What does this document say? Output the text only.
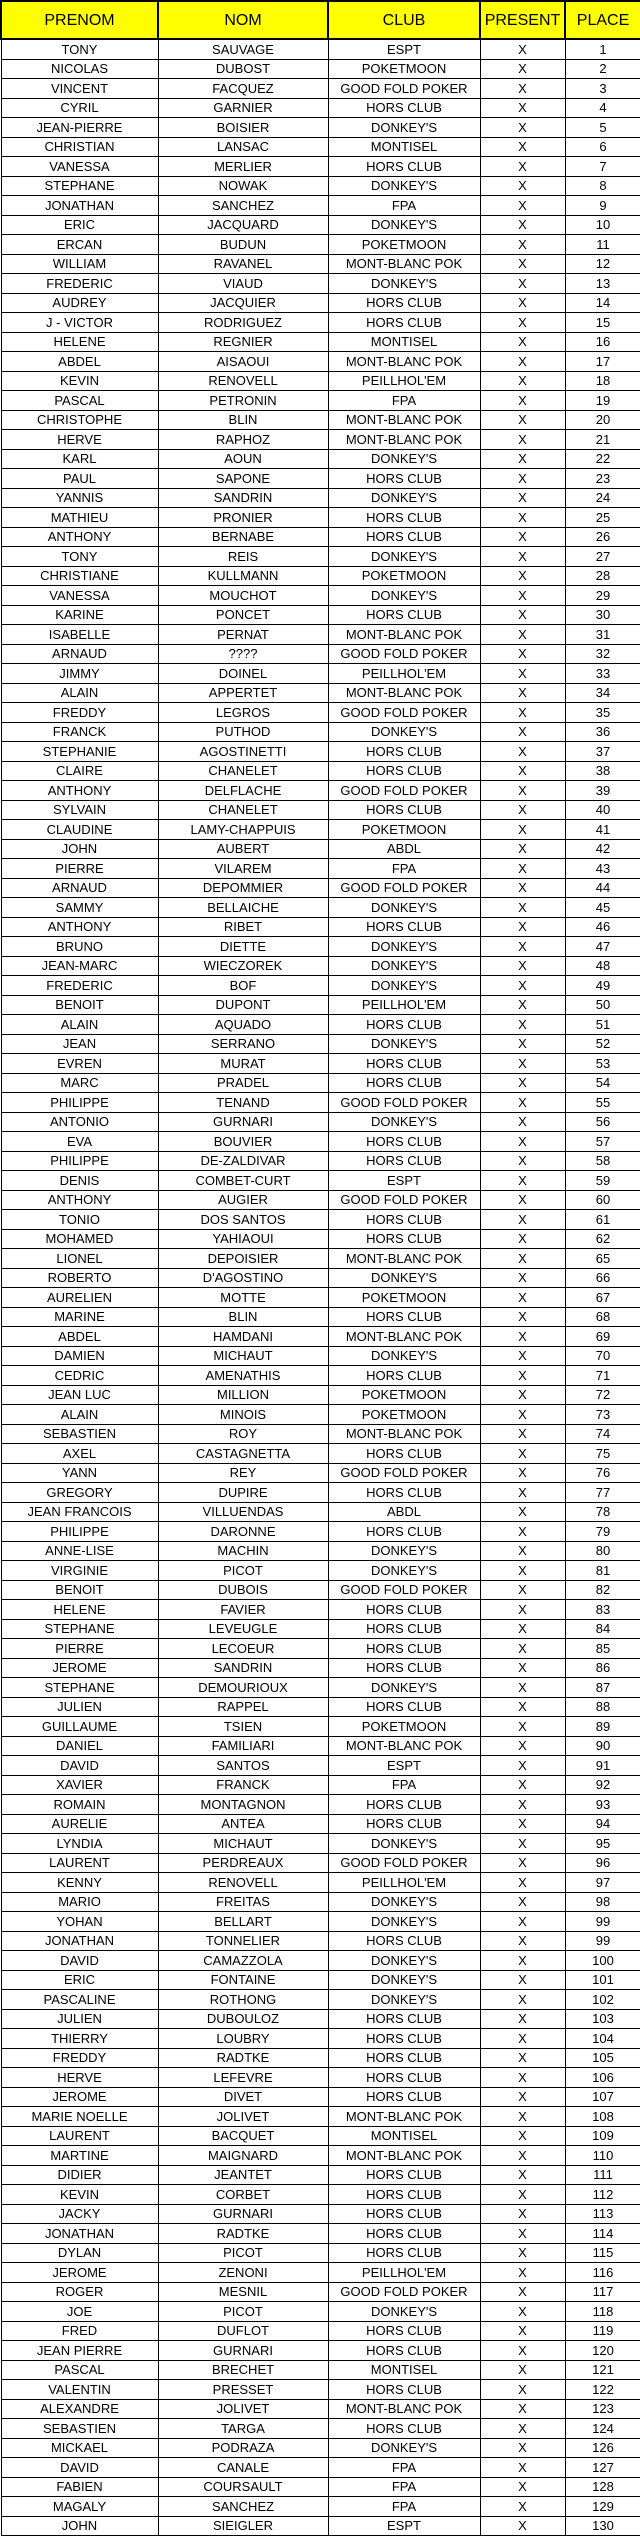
PRENOM	NOM	CLUB	PRESENT	PLACE
TONY	SAUVAGE	ESPT	X	1
NICOLAS	DUBOST	POKETMOON	X	2
VINCENT	FACQUEZ	GOOD FOLD POKER	X	3
CYRIL	GARNIER	HORS CLUB	X	4
JEAN-PIERRE	BOISIER	DONKEY'S	X	5
CHRISTIAN	LANSAC	MONTISEL	X	6
VANESSA	MERLIER	HORS CLUB	X	7
STEPHANE	NOWAK	DONKEY'S	X	8
JONATHAN	SANCHEZ	FPA	X	9
ERIC	JACQUARD	DONKEY'S	X	10
ERCAN	BUDUN	POKETMOON	X	11
WILLIAM	RAVANEL	MONT-BLANC POK	X	12
FREDERIC	VIAUD	DONKEY'S	X	13
AUDREY	JACQUIER	HORS CLUB	X	14
J - VICTOR	RODRIGUEZ	HORS CLUB	X	15
HELENE	REGNIER	MONTISEL	X	16
ABDEL	AISAOUI	MONT-BLANC POK	X	17
KEVIN	RENOVELL	PEILLHOL'EM	X	18
PASCAL	PETRONIN	FPA	X	19
CHRISTOPHE	BLIN	MONT-BLANC POK	X	20
HERVE	RAPHOZ	MONT-BLANC POK	X	21
KARL	AOUN	DONKEY'S	X	22
PAUL	SAPONE	HORS CLUB	X	23
YANNIS	SANDRIN	DONKEY'S	X	24
MATHIEU	PRONIER	HORS CLUB	X	25
ANTHONY	BERNABE	HORS CLUB	X	26
TONY	REIS	DONKEY'S	X	27
CHRISTIANE	KULLMANN	POKETMOON	X	28
VANESSA	MOUCHOT	DONKEY'S	X	29
KARINE	PONCET	HORS CLUB	X	30
ISABELLE	PERNAT	MONT-BLANC POK	X	31
ARNAUD	????	GOOD FOLD POKER	X	32
JIMMY	DOINEL	PEILLHOL'EM	X	33
ALAIN	APPERTET	MONT-BLANC POK	X	34
FREDDY	LEGROS	GOOD FOLD POKER	X	35
FRANCK	PUTHOD	DONKEY'S	X	36
STEPHANIE	AGOSTINETTI	HORS CLUB	X	37
CLAIRE	CHANELET	HORS CLUB	X	38
ANTHONY	DELFLACHE	GOOD FOLD POKER	X	39
SYLVAIN	CHANELET	HORS CLUB	X	40
CLAUDINE	LAMY-CHAPPUIS	POKETMOON	X	41
JOHN	AUBERT	ABDL	X	42
PIERRE	VILAREM	FPA	X	43
ARNAUD	DEPOMMIER	GOOD FOLD POKER	X	44
SAMMY	BELLAICHE	DONKEY'S	X	45
ANTHONY	RIBET	HORS CLUB	X	46
BRUNO	DIETTE	DONKEY'S	X	47
JEAN-MARC	WIECZOREK	DONKEY'S	X	48
FREDERIC	BOF	DONKEY'S	X	49
BENOIT	DUPONT	PEILLHOL'EM	X	50
ALAIN	AQUADO	HORS CLUB	X	51
JEAN	SERRANO	DONKEY'S	X	52
EVREN	MURAT	HORS CLUB	X	53
MARC	PRADEL	HORS CLUB	X	54
PHILIPPE	TENAND	GOOD FOLD POKER	X	55
ANTONIO	GURNARI	DONKEY'S	X	56
EVA	BOUVIER	HORS CLUB	X	57
PHILIPPE	DE-ZALDIVAR	HORS CLUB	X	58
DENIS	COMBET-CURT	ESPT	X	59
ANTHONY	AUGIER	GOOD FOLD POKER	X	60
TONIO	DOS SANTOS	HORS CLUB	X	61
MOHAMED	YAHIAOUI	HORS CLUB	X	62
LIONEL	DEPOISIER	MONT-BLANC POK	X	65
ROBERTO	D'AGOSTINO	DONKEY'S	X	66
AURELIEN	MOTTE	POKETMOON	X	67
MARINE	BLIN	HORS CLUB	X	68
ABDEL	HAMDANI	MONT-BLANC POK	X	69
DAMIEN	MICHAUT	DONKEY'S	X	70
CEDRIC	AMENATHIS	HORS CLUB	X	71
JEAN LUC	MILLION	POKETMOON	X	72
ALAIN	MINOIS	POKETMOON	X	73
SEBASTIEN	ROY	MONT-BLANC POK	X	74
AXEL	CASTAGNETTA	HORS CLUB	X	75
YANN	REY	GOOD FOLD POKER	X	76
GREGORY	DUPIRE	HORS CLUB	X	77
JEAN FRANCOIS	VILLUENDAS	ABDL	X	78
PHILIPPE	DARONNE	HORS CLUB	X	79
ANNE-LISE	MACHIN	DONKEY'S	X	80
VIRGINIE	PICOT	DONKEY'S	X	81
BENOIT	DUBOIS	GOOD FOLD POKER	X	82
HELENE	FAVIER	HORS CLUB	X	83
STEPHANE	LEVEUGLE	HORS CLUB	X	84
PIERRE	LECOEUR	HORS CLUB	X	85
JEROME	SANDRIN	HORS CLUB	X	86
STEPHANE	DEMOURIOUX	DONKEY'S	X	87
JULIEN	RAPPEL	HORS CLUB	X	88
GUILLAUME	TSIEN	POKETMOON	X	89
DANIEL	FAMILIARI	MONT-BLANC POK	X	90
DAVID	SANTOS	ESPT	X	91
XAVIER	FRANCK	FPA	X	92
ROMAIN	MONTAGNON	HORS CLUB	X	93
AURELIE	ANTEA	HORS CLUB	X	94
LYNDIA	MICHAUT	DONKEY'S	X	95
LAURENT	PERDREAUX	GOOD FOLD POKER	X	96
KENNY	RENOVELL	PEILLHOL'EM	X	97
MARIO	FREITAS	DONKEY'S	X	98
YOHAN	BELLART	DONKEY'S	X	99
JONATHAN	TONNELIER	HORS CLUB	X	99
DAVID	CAMAZZOLA	DONKEY'S	X	100
ERIC	FONTAINE	DONKEY'S	X	101
PASCALINE	ROTHONG	DONKEY'S	X	102
JULIEN	DUBOULOZ	HORS CLUB	X	103
THIERRY	LOUBRY	HORS CLUB	X	104
FREDDY	RADTKE	HORS CLUB	X	105
HERVE	LEFEVRE	HORS CLUB	X	106
JEROME	DIVET	HORS CLUB	X	107
MARIE NOELLE	JOLIVET	MONT-BLANC POK	X	108
LAURENT	BACQUET	MONTISEL	X	109
MARTINE	MAIGNARD	MONT-BLANC POK	X	110
DIDIER	JEANTET	HORS CLUB	X	111
KEVIN	CORBET	HORS CLUB	X	112
JACKY	GURNARI	HORS CLUB	X	113
JONATHAN	RADTKE	HORS CLUB	X	114
DYLAN	PICOT	HORS CLUB	X	115
JEROME	ZENONI	PEILLHOL'EM	X	116
ROGER	MESNIL	GOOD FOLD POKER	X	117
JOE	PICOT	DONKEY'S	X	118
FRED	DUFLOT	HORS CLUB	X	119
JEAN PIERRE	GURNARI	HORS CLUB	X	120
PASCAL	BRECHET	MONTISEL	X	121
VALENTIN	PRESSET	HORS CLUB	X	122
ALEXANDRE	JOLIVET	MONT-BLANC POK	X	123
SEBASTIEN	TARGA	HORS CLUB	X	124
MICKAEL	PODRAZA	DONKEY'S	X	126
DAVID	CANALE	FPA	X	127
FABIEN	COURSAULT	FPA	X	128
MAGALY	SANCHEZ	FPA	X	129
JOHN	SIEIGLER	ESPT	X	130
